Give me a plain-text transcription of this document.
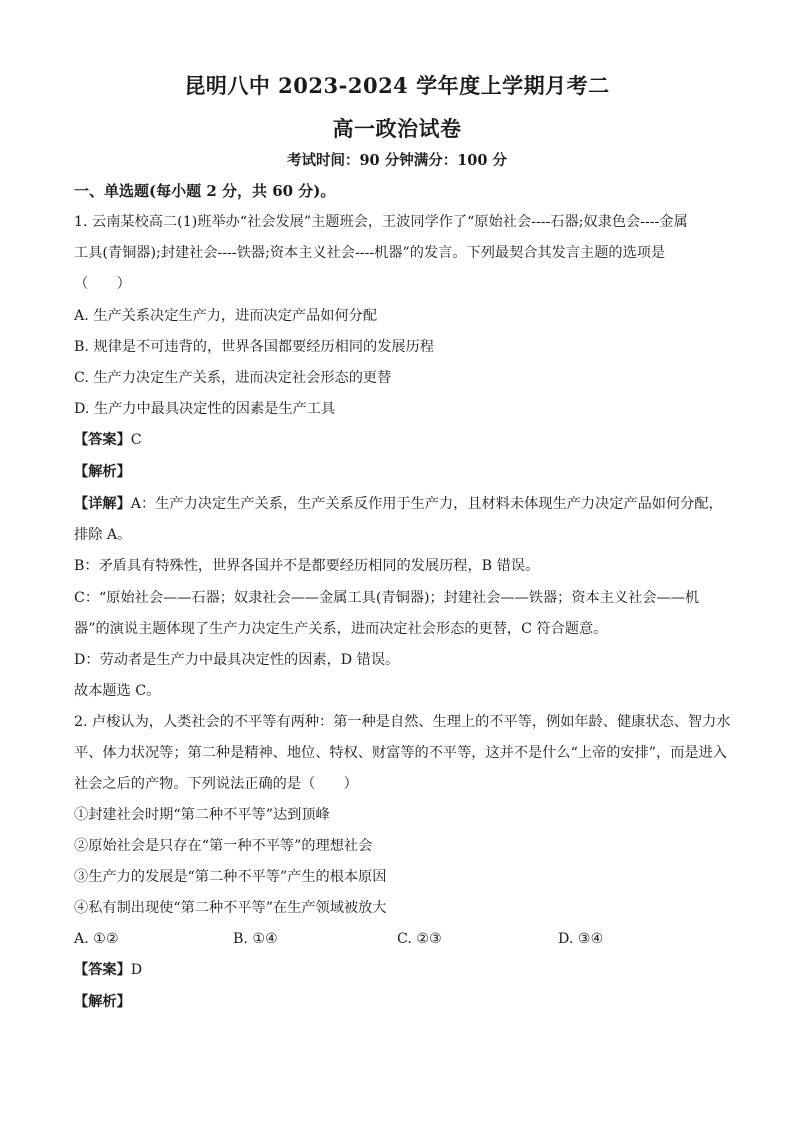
昆明八中 2023-2024 学年度上学期月考二
高一政治试卷
考试时间：90 分钟满分：100 分
一、单选题(每小题 2 分，共 60 分)。
1. 云南某校高二(1)班举办“社会发展”主题班会，王波同学作了“原始社会----石器;奴隶色会----金属
工具(青铜器);封建社会----铁器;资本主义社会----机器”的发言。下列最契合其发言主题的选项是
（　　）
A. 生产关系决定生产力，进而决定产品如何分配
B. 规律是不可违背的，世界各国都要经历相同的发展历程
C. 生产力决定生产关系，进而决定社会形态的更替
D. 生产力中最具决定性的因素是生产工具
【答案】C
【解析】
【详解】A：生产力决定生产关系，生产关系反作用于生产力，且材料未体现生产力决定产品如何分配，
排除 A。
B：矛盾具有特殊性，世界各国并不是都要经历相同的发展历程，B 错误。
C：“原始社会——石器；奴隶社会——金属工具(青铜器)；封建社会——铁器；资本主义社会——机
器”的演说主题体现了生产力决定生产关系，进而决定社会形态的更替，C 符合题意。
D：劳动者是生产力中最具决定性的因素，D 错误。
故本题选 C。
2. 卢梭认为，人类社会的不平等有两种：第一种是自然、生理上的不平等，例如年龄、健康状态、智力水
平、体力状况等；第二种是精神、地位、特权、财富等的不平等，这并不是什么“上帝的安排”，而是进入
社会之后的产物。下列说法正确的是（　　）
①封建社会时期“第二种不平等”达到顶峰
②原始社会是只存在“第一种不平等”的理想社会
③生产力的发展是“第二种不平等”产生的根本原因
④私有制出现使“第二种不平等”在生产领域被放大
A. ①②	B. ①④	C. ②③	D. ③④
【答案】D
【解析】
